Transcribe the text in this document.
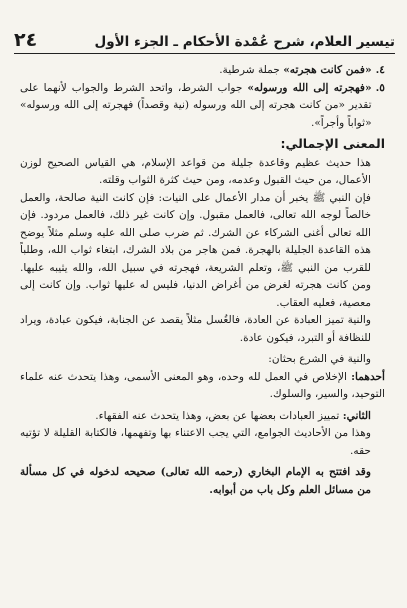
٢٤	تيسير العلام، شرح عُمْدة الأحكام ـ الجزء الأول
٤.

«فمن كانت هجرته» جملة شرطية.

٥.

«فهجرته إلى الله ورسوله» جواب الشرط، واتحد الشرط والجواب لأنهما على تقدير «من كانت هجرته إلى الله ورسوله (نية وقصداً) فهجرته إلى الله ورسوله» «ثواباً وأجراً».

المعنى الإجمالي:

هذا حديث عظيم وقاعدة جليلة من قواعد الإسلام، هي القياس الصحيح لوزن الأعمال، من حيث القبول وعدمه، ومن حيث كثرة الثواب وقلته.

فإن النبي ﷺ يخبر أن مدار الأعمال على النيات: فإن كانت النية صالحة، والعمل خالصاً لوجه الله تعالى، فالعمل مقبول. وإن كانت غير ذلك، فالعمل مردود. فإن الله تعالى أغنى الشركاء عن الشرك. ثم ضرب صلى الله عليه وسلم مثلاً يوضح هذه القاعدة الجليلة بالهجرة. فمن هاجر من بلاد الشرك، ابتغاء ثواب الله، وطلباً للقرب من النبي ﷺ، وتعلم الشريعة، فهجرته في سبيل الله، والله يثيبه عليها. ومن كانت هجرته لغرض من أغراض الدنيا، فليس له عليها ثواب. وإن كانت إلى معصية، فعليه العقاب.

والنية تميز العبادة عن العادة، فالغُسل مثلاً يقصد عن الجنابة، فيكون عبادة، ويراد للنظافة أو التبرد، فيكون عادة.

والنية في الشرع بحثان:

أحدهما: الإخلاص في العمل لله وحده، وهو المعنى الأسمى، وهذا يتحدث عنه علماء التوحيد، والسير، والسلوك.

الثاني: تمييز العبادات بعضها عن بعض، وهذا يتحدث عنه الفقهاء.

وهذا من الأحاديث الجوامع، التي يجب الاعتناء بها وتفهمها، فالكتابة القليلة لا تؤتيه حقه.

وقد افتتح به الإمام البخاري (رحمه الله تعالى) صحيحه لدخوله في كل مسألة من مسائل العلم وكل باب من أبوابه.
